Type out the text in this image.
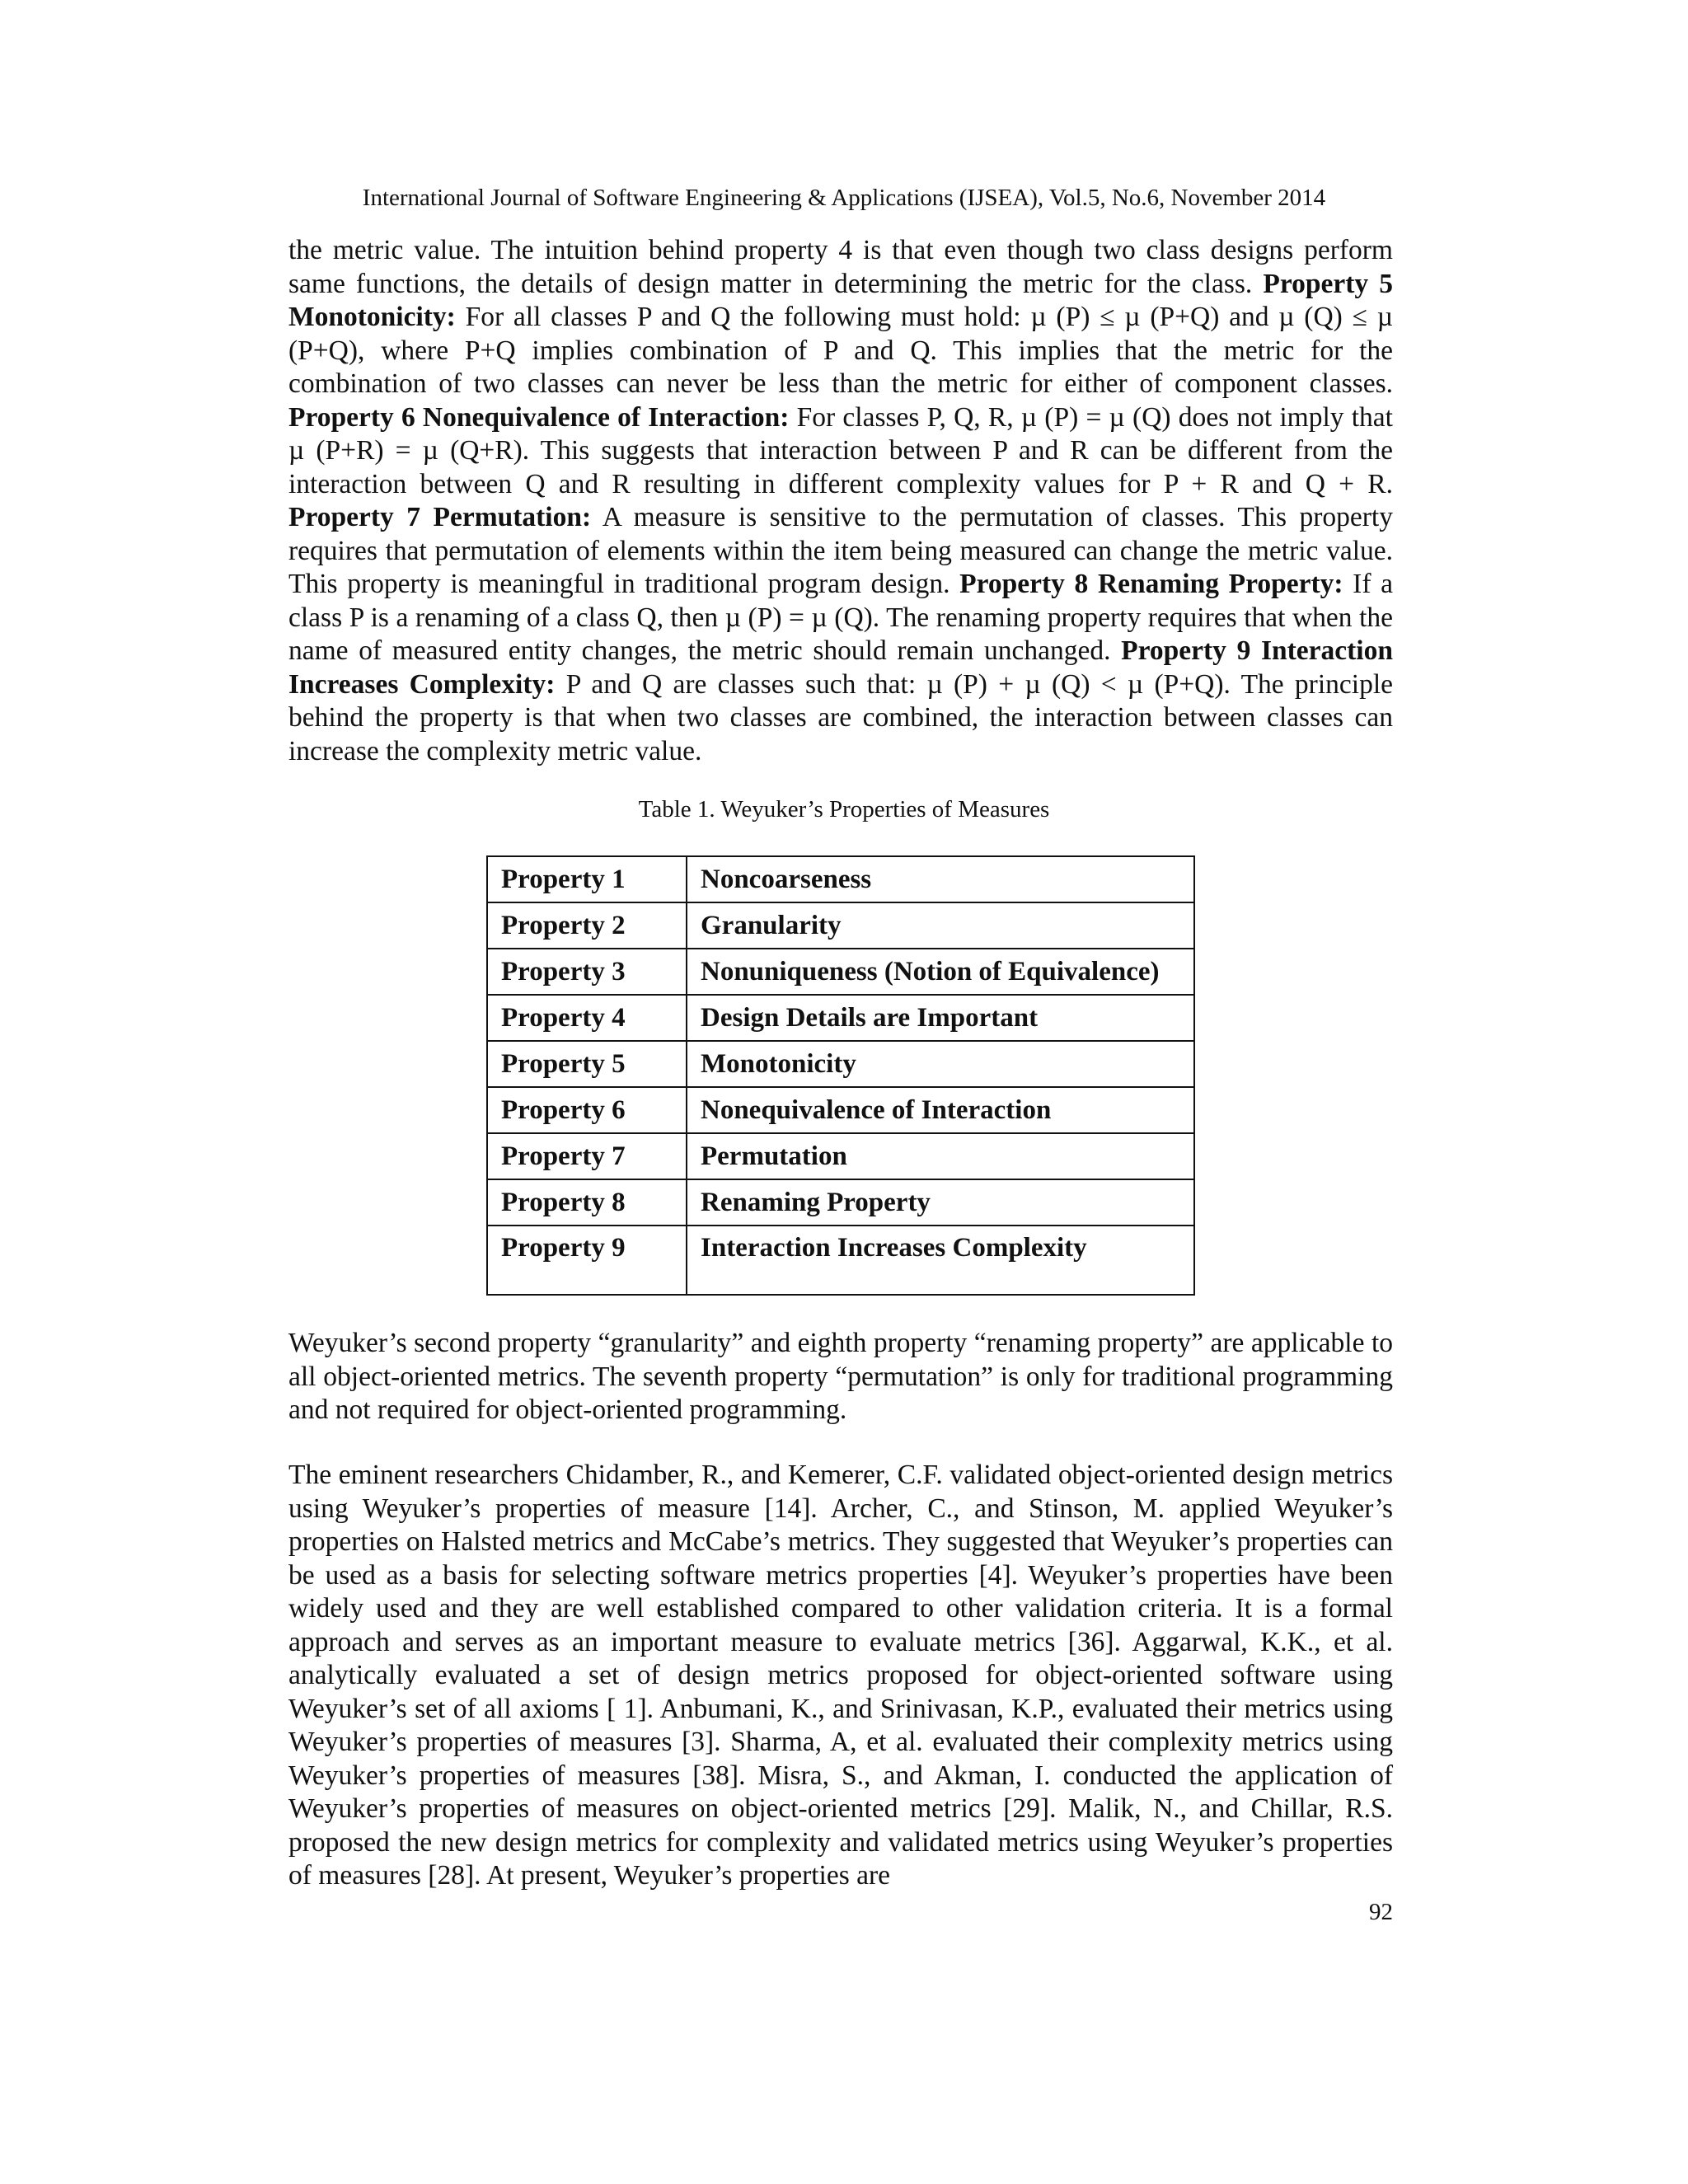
International Journal of Software Engineering & Applications (IJSEA), Vol.5, No.6, November 2014

the metric value. The intuition behind property 4 is that even though two class designs perform same functions, the details of design matter in determining the metric for the class. Property 5 Monotonicity: For all classes P and Q the following must hold: µ (P) ≤ µ (P+Q) and µ (Q) ≤ µ (P+Q), where P+Q implies combination of P and Q. This implies that the metric for the combination of two classes can never be less than the metric for either of component classes. Property 6 Nonequivalence of Interaction: For classes P, Q, R, µ (P) = µ (Q) does not imply that µ (P+R) = µ (Q+R). This suggests that interaction between P and R can be different from the interaction between Q and R resulting in different complexity values for P + R and Q + R. Property 7 Permutation: A measure is sensitive to the permutation of classes. This property requires that permutation of elements within the item being measured can change the metric value. This property is meaningful in traditional program design. Property 8 Renaming Property: If a class P is a renaming of a class Q, then µ (P) = µ (Q). The renaming property requires that when the name of measured entity changes, the metric should remain unchanged. Property 9 Interaction Increases Complexity: P and Q are classes such that: µ (P) + µ (Q) < µ (P+Q). The principle behind the property is that when two classes are combined, the interaction between classes can increase the complexity metric value.

Table 1. Weyuker’s Properties of Measures
Property 1	Noncoarseness
Property 2	Granularity
Property 3	Nonuniqueness (Notion of Equivalence)
Property 4	Design Details are Important
Property 5	Monotonicity
Property 6	Nonequivalence of Interaction
Property 7	Permutation
Property 8	Renaming Property
Property 9	Interaction Increases Complexity

Weyuker’s second property “granularity” and eighth property “renaming property” are applicable to all object-oriented metrics. The seventh property “permutation” is only for traditional programming and not required for object-oriented programming.

The eminent researchers Chidamber, R., and Kemerer, C.F. validated object-oriented design metrics using Weyuker’s properties of measure [14]. Archer, C., and Stinson, M. applied Weyuker’s properties on Halsted metrics and McCabe’s metrics. They suggested that Weyuker’s properties can be used as a basis for selecting software metrics properties [4]. Weyuker’s properties have been widely used and they are well established compared to other validation criteria. It is a formal approach and serves as an important measure to evaluate metrics [36]. Aggarwal, K.K., et al. analytically evaluated a set of design metrics proposed for object-oriented software using Weyuker’s set of all axioms [ 1]. Anbumani, K., and Srinivasan, K.P., evaluated their metrics using Weyuker’s properties of measures [3]. Sharma, A, et al. evaluated their complexity metrics using Weyuker’s properties of measures [38]. Misra, S., and Akman, I. conducted the application of Weyuker’s properties of measures on object-oriented metrics [29]. Malik, N., and Chillar, R.S. proposed the new design metrics for complexity and validated metrics using Weyuker’s properties of measures [28]. At present, Weyuker’s properties are

92
